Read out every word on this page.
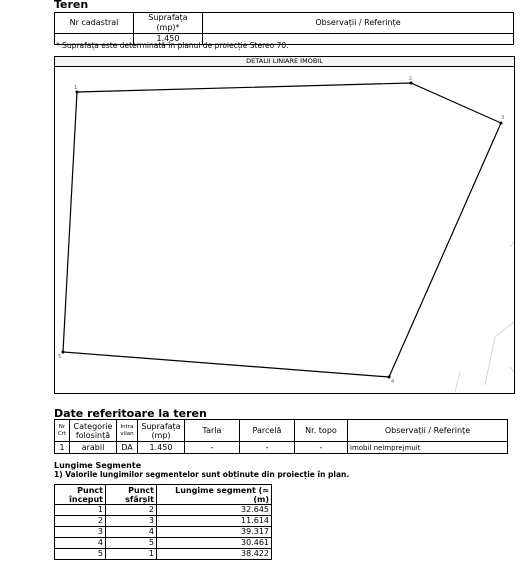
Teren
Nr cadastral	Suprafața (mp)*	Observații / Referințe
	1.450	
* Suprafața este determinată în planul de proiecție Stereo 70.
DETALII LINIARE IMOBIL
1
2
3
4
5
Date referitoare la teren
Nr Crt	Categorie folosință	Intra vilan	Suprafața (mp)	Tarla	Parcelă	Nr. topo	Observații / Referințe
1	arabil	DA	1.450	-	-	-	imobil neimprejmuit
Lungime Segmente
1) Valorile lungimilor segmentelor sunt obținute din proiecție în plan.
Punct început	Punct sfârșit	Lungime segment (≈ (m)
1	2	32.645
2	3	11.614
3	4	39.317
4	5	30.461
5	1	38.422
